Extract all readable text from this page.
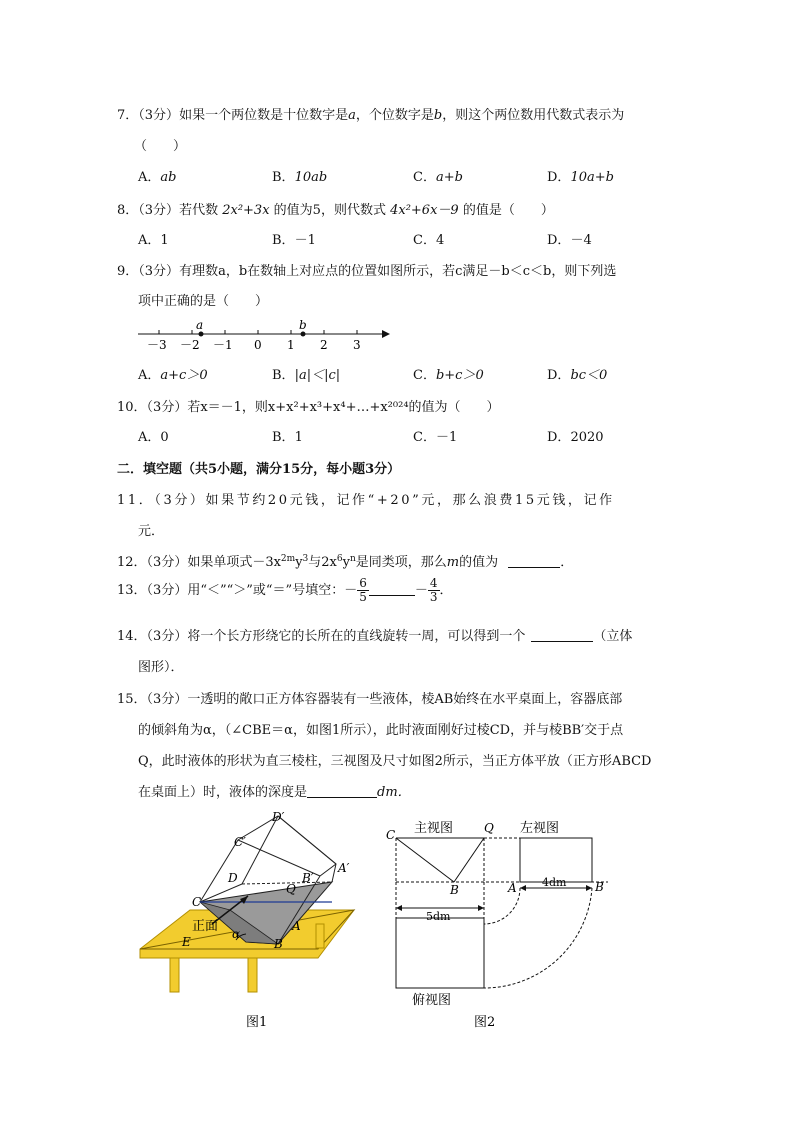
7．（3分）如果一个两位数是十位数字是a，个位数字是b，则这个两位数用代数式表示为
（　　）
A．ab	B．10ab	C．a+b	D．10a+b
8．（3分）若代数 2x²+3x 的值为5，则代数式 4x²+6x－9 的值是（　　）
A．1	B．－1	C．4	D．－4
9．（3分）有理数a，b在数轴上对应点的位置如图所示，若c满足－b＜c＜b，则下列选
项中正确的是（　　）
－3 －2 －1 0 1 2 3
a	b
A．a+c＞0	B．|a|＜|c|	C．b+c＞0	D．bc＜0
10．（3分）若x＝－1，则x+x²+x³+x⁴+…+x²⁰²⁴的值为（　　）
A．0	B．1	C．－1	D．2020
二．填空题（共5小题，满分15分，每小题3分）
11．（3分）如果节约20元钱，记作“+20”元，那么浪费15元钱，记作
元．
12．（3分）如果单项式$-3x^{2m}y^3$与$2x^6y^n$是同类项，那么m的值为	．
13．（3分）用“＜”“＞”或“＝”号填空：－ $\frac{6}{5}$	－ $\frac{4}{3}$ ．
14．（3分）将一个长方形绕它的长所在的直线旋转一周，可以得到一个	（立体
图形）．
15．（3分）一透明的敞口正方体容器装有一些液体，棱AB始终在水平桌面上，容器底部
的倾斜角为α，（∠CBE＝α，如图1所示），此时液面刚好过棱CD，并与棱BB′交于点
Q，此时液体的形状为直三棱柱，三视图及尺寸如图2所示，当正方体平放（正方形ABCD
在桌面上）时，液体的深度是	dm．
D′
C′
A′
B′
D
C
Q
A
B
E
α
正面
图1
主视图	左视图
C	Q
B	A	B
4dm
5dm
俯视图
图2
